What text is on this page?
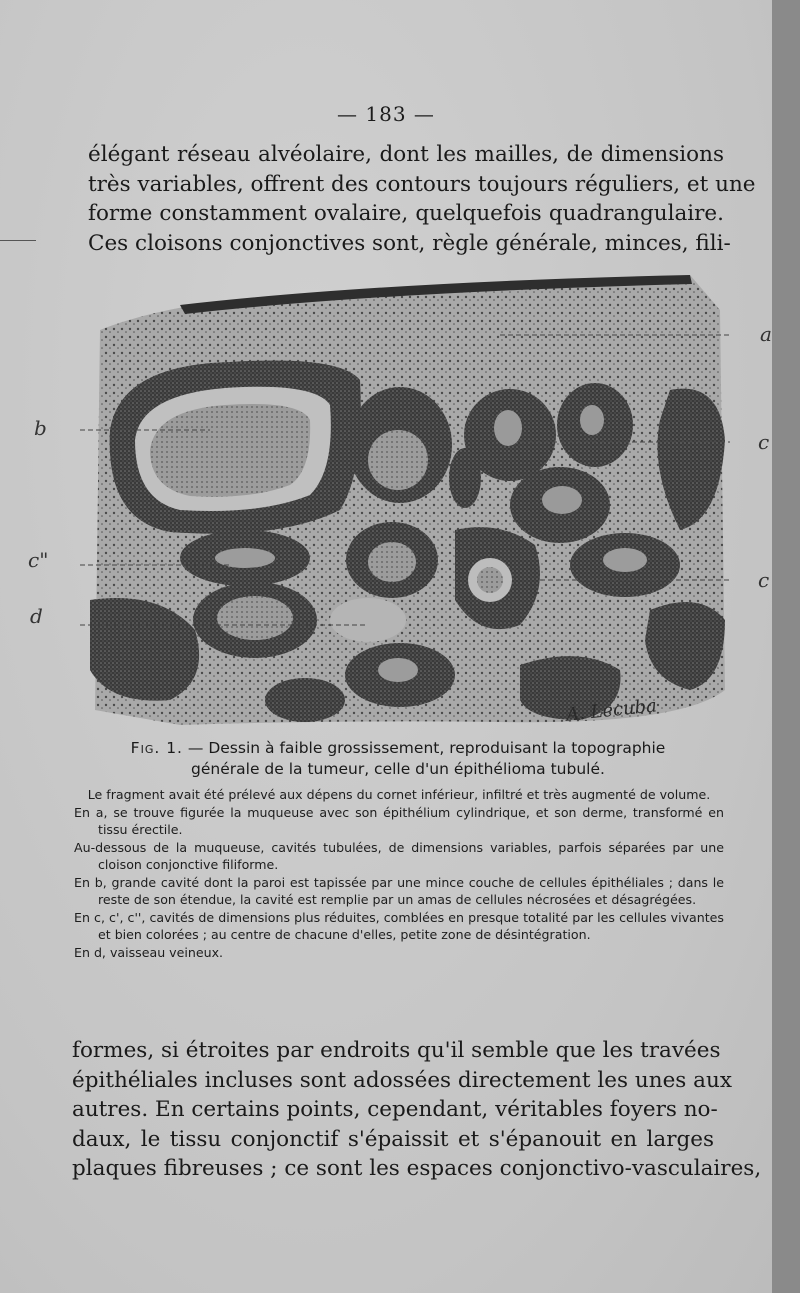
— 183 —
élégant réseau alvéolaire, dont les mailles, de dimensions
très variables, offrent des contours toujours réguliers, et une
forme constamment ovalaire, quelquefois quadrangulaire.
Ces cloisons conjonctives sont, règle générale, minces, fili-
b
a
c
c"
d
c
A. Lecuba
Fig. 1. — Dessin à faible grossissement, reproduisant la topographie générale de la tumeur, celle d'un épithélioma tubulé.

Le fragment avait été prélevé aux dépens du cornet inférieur, infiltré et très augmenté de volume.

En a, se trouve figurée la muqueuse avec son épithélium cylindrique, et son derme, transformé en tissu érectile.

Au-dessous de la muqueuse, cavités tubulées, de dimensions variables, parfois séparées par une cloison conjonctive filiforme.

En b, grande cavité dont la paroi est tapissée par une mince couche de cellules épithéliales ; dans le reste de son étendue, la cavité est remplie par un amas de cellules nécrosées et désagrégées.

En c, c', c'', cavités de dimensions plus réduites, comblées en presque totalité par les cellules vivantes et bien colorées ; au centre de chacune d'elles, petite zone de désintégration.

En d, vaisseau veineux.

formes, si étroites par endroits qu'il semble que les travées
épithéliales incluses sont adossées directement les unes aux
autres. En certains points, cependant, véritables foyers no-
daux, le tissu conjonctif s'épaissit et s'épanouit en larges
plaques fibreuses ; ce sont les espaces conjonctivo-vasculaires,
